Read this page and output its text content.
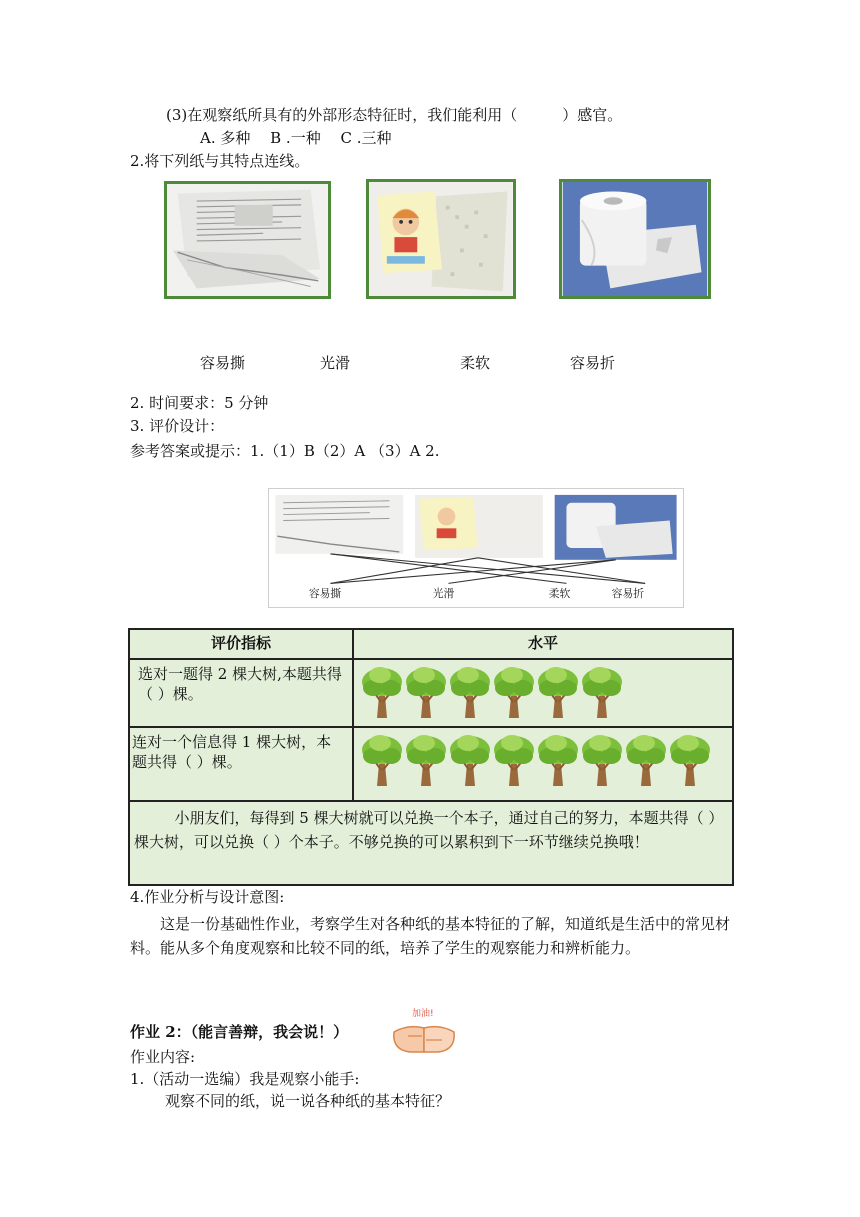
(3)在观察纸所具有的外部形态特征时，我们能利用（　　　）感官。
A. 多种　 B .一种　 C .三种
2.将下列纸与其特点连线。
容易撕	光滑	柔软	容易折
2. 时间要求：5 分钟
3. 评价设计：
参考答案或提示：1.（1）B（2）A （3）A 2.
容易撕	光滑	柔软	容易折
评价指标	水平
选对一题得 2 棵大树,本题共得（ ）棵。	

连对一个信息得 1 棵大树，本题共得（ ）棵。	

小朋友们，每得到 5 棵大树就可以兑换一个本子，通过自己的努力，本题共得（ ）棵大树，可以兑换（ ）个本子。不够兑换的可以累积到下一环节继续兑换哦！	
4.作业分析与设计意图:
这是一份基础性作业，考察学生对各种纸的基本特征的了解，知道纸是生活中的常见材料。能从多个角度观察和比较不同的纸，培养了学生的观察能力和辨析能力。
作业 2：（能言善辩，我会说！）
加油!
作业内容:
1.（活动一选编）我是观察小能手:
观察不同的纸，说一说各种纸的基本特征？
